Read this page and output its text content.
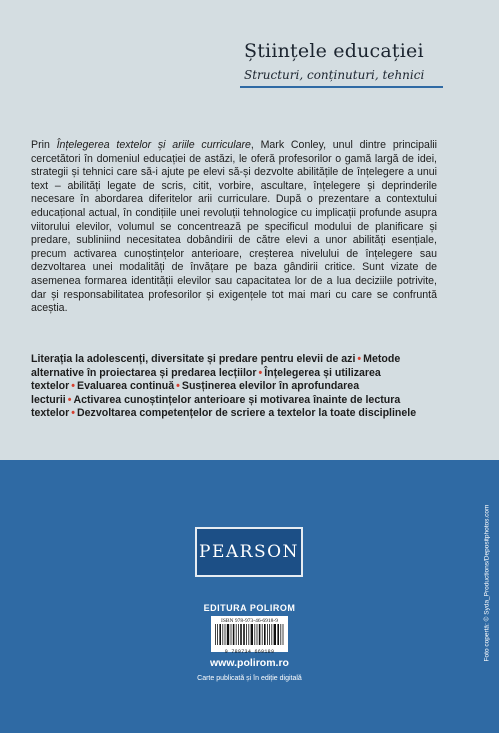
Științele educației
Structuri, conținuturi, tehnici

Prin Înțelegerea textelor și ariile curriculare, Mark Conley, unul dintre principalii cercetători în domeniul educației de astăzi, le oferă profesorilor o gamă largă de idei, strategii și tehnici care să-i ajute pe elevi să-și dezvolte abilitățile de înțelegere a unui text – abilități legate de scris, citit, vorbire, ascultare, înțelegere și deprinderile necesare în abordarea diferitelor arii curriculare. După o prezentare a contextului educațional actual, în condițiile unei revoluții tehnologice cu implicații profunde asupra viitorului elevilor, volumul se concentrează pe specificul modului de planificare și predare, subliniind necesitatea dobândirii de către elevi a unor abilități esențiale, precum activarea cunoștințelor anterioare, creșterea nivelului de înțelegere sau dezvoltarea unei modalități de învățare pe baza gândirii critice. Sunt vizate de asemenea formarea identității elevilor sau capacitatea lor de a lua deciziile potrivite, dar și responsabilitatea profesorilor și exigențele tot mai mari cu care se confruntă aceștia.

Literația la adolescenți, diversitate și predare pentru elevii de azi • Metode alternative în proiectarea și predarea lecțiilor • Înțelegerea și utilizarea textelor • Evaluarea continuă • Susținerea elevilor în aprofundarea lecturii • Activarea cunoștințelor anterioare și motivarea înainte de lectura textelor • Dezvoltarea competențelor de scriere a textelor la toate disciplinele

PEARSON
EDITURA POLIROM
ISBN 978-973-46-6918-9
9 789734 669189
www.polirom.ro
Carte publicată și în ediție digitală
Foto copertă: © Syda_Productions/Depositphotos.com
